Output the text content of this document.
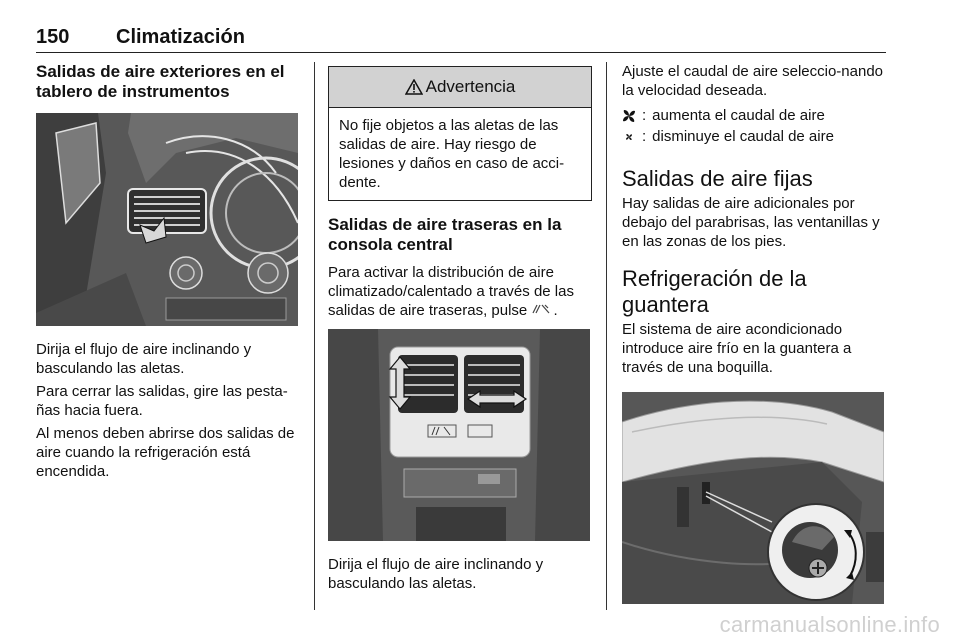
150 Climatización
Salidas de aire exteriores en el tablero de instrumentos

Dirija el flujo de aire inclinando y basculando las aletas.

Para cerrar las salidas, gire las pesta-ñas hacia fuera.

Al menos deben abrirse dos salidas de aire cuando la refrigeración está encendida.

Advertencia
No fije objetos a las aletas de las salidas de aire. Hay riesgo de lesiones y daños en caso de acci-dente.
Salidas de aire traseras en la consola central

Para activar la distribución de aire climatizado/calentado a través de las salidas de aire traseras, pulse .

Dirija el flujo de aire inclinando y basculando las aletas.

Ajuste el caudal de aire seleccio-nando la velocidad deseada.

: aumenta el caudal de aire
: disminuye el caudal de aire
Salidas de aire fijas

Hay salidas de aire adicionales por debajo del parabrisas, las ventanillas y en las zonas de los pies.

Refrigeración de la guantera

El sistema de aire acondicionado introduce aire frío en la guantera a través de una boquilla.

carmanualsonline.info
